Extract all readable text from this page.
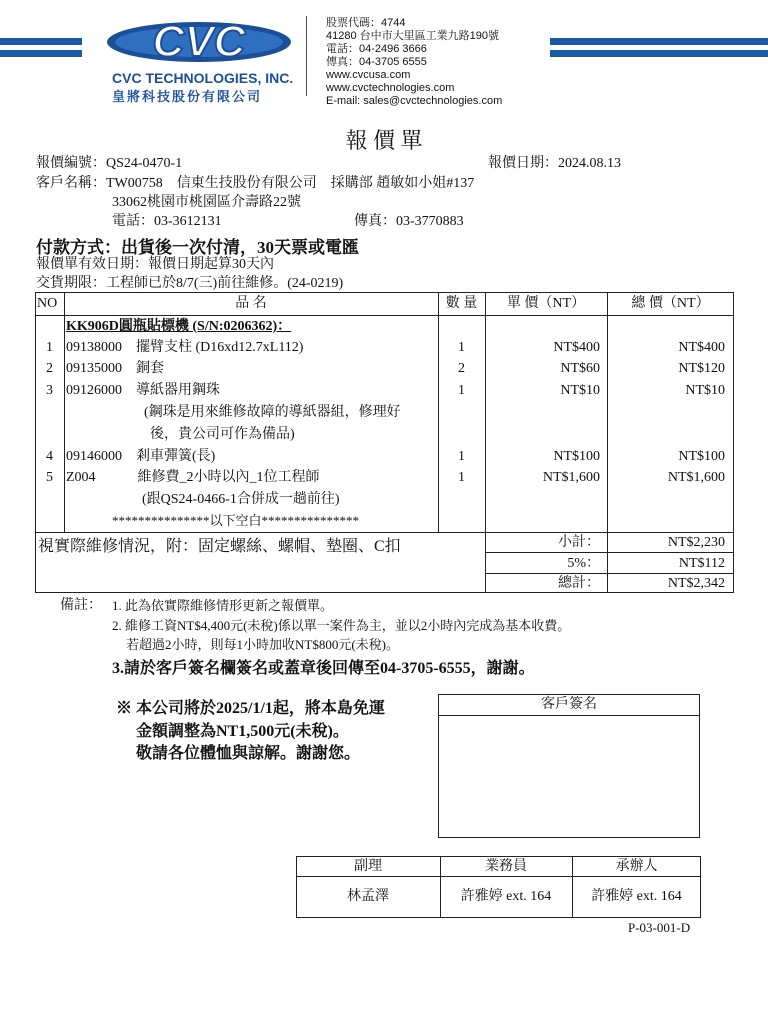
CVC
CVC TECHNOLOGIES, INC.
皇將科技股份有限公司
股票代碼：4744
41280 台中市大里區工業九路190號
電話：04-2496 3666
傳真：04-3705 6555
www.cvcusa.com
www.cvctechnologies.com
E-mail: sales@cvctechnologies.com
報 價 單
報價編號：QS24-0470-1	報價日期：2024.08.13
客戶名稱：TW00758　信東生技股份有限公司　採購部 趙敏如小姐#137
33062桃園市桃園區介壽路22號
電話：03-3612131	傳真：03-3770883
付款方式：出貨後一次付清，30天票或電匯
報價單有效日期：報價日期起算30天內
交貨期限：工程師已於8/7(三)前往維修。(24-0219)
NO	品 名	數 量	單 價（NT）	總 價（NT）
KK906D圓瓶貼標機 (S/N:0206362)：
1 09138000　擺臂支柱 (D16xd12.7xL112)	1	NT$400	NT$400
2 09135000　銅套	2	NT$60	NT$120
3 09126000　導紙器用鋼珠	1	NT$10	NT$10
(鋼珠是用來維修故障的導紙器組，修理好
後，貴公司可作為備品)
4 09146000　剎車彈簧(長)	1	NT$100	NT$100
5 Z004　　　維修費_2小時以內_1位工程師	1	NT$1,600	NT$1,600
(跟QS24-0466-1合併成一趟前往)
***************以下空白***************
視實際維修情況，附：固定螺絲、螺帽、墊圈、C扣	小計：	NT$2,230
5%：	NT$112
總計：	NT$2,342
備註： 1. 此為依實際維修情形更新之報價單。
2. 維修工資NT$4,400元(未稅)係以單一案件為主，並以2小時內完成為基本收費。
若超過2小時，則每1小時加收NT$800元(未稅)。
3.請於客戶簽名欄簽名或蓋章後回傳至04-3705-6555，謝謝。
※ 本公司將於2025/1/1起，將本島免運
金額調整為NT1,500元(未稅)。
敬請各位體恤與諒解。謝謝您。
客戶簽名
副理	業務員	承辦人
林孟澤	許雅婷 ext. 164	許雅婷 ext. 164
P-03-001-D
